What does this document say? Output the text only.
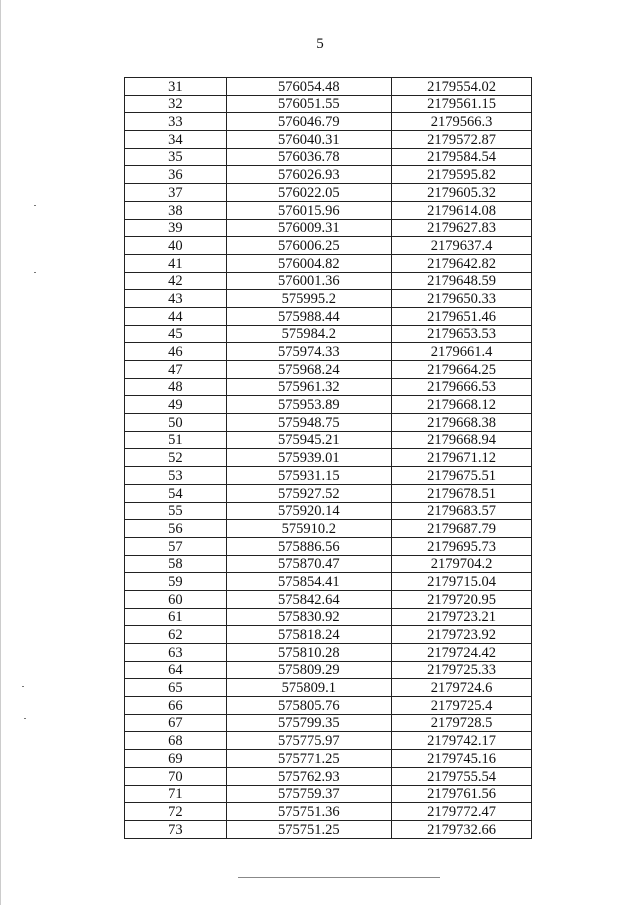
5
31	576054.48	2179554.02
32	576051.55	2179561.15
33	576046.79	2179566.3
34	576040.31	2179572.87
35	576036.78	2179584.54
36	576026.93	2179595.82
37	576022.05	2179605.32
38	576015.96	2179614.08
39	576009.31	2179627.83
40	576006.25	2179637.4
41	576004.82	2179642.82
42	576001.36	2179648.59
43	575995.2	2179650.33
44	575988.44	2179651.46
45	575984.2	2179653.53
46	575974.33	2179661.4
47	575968.24	2179664.25
48	575961.32	2179666.53
49	575953.89	2179668.12
50	575948.75	2179668.38
51	575945.21	2179668.94
52	575939.01	2179671.12
53	575931.15	2179675.51
54	575927.52	2179678.51
55	575920.14	2179683.57
56	575910.2	2179687.79
57	575886.56	2179695.73
58	575870.47	2179704.2
59	575854.41	2179715.04
60	575842.64	2179720.95
61	575830.92	2179723.21
62	575818.24	2179723.92
63	575810.28	2179724.42
64	575809.29	2179725.33
65	575809.1	2179724.6
66	575805.76	2179725.4
67	575799.35	2179728.5
68	575775.97	2179742.17
69	575771.25	2179745.16
70	575762.93	2179755.54
71	575759.37	2179761.56
72	575751.36	2179772.47
73	575751.25	2179732.66
